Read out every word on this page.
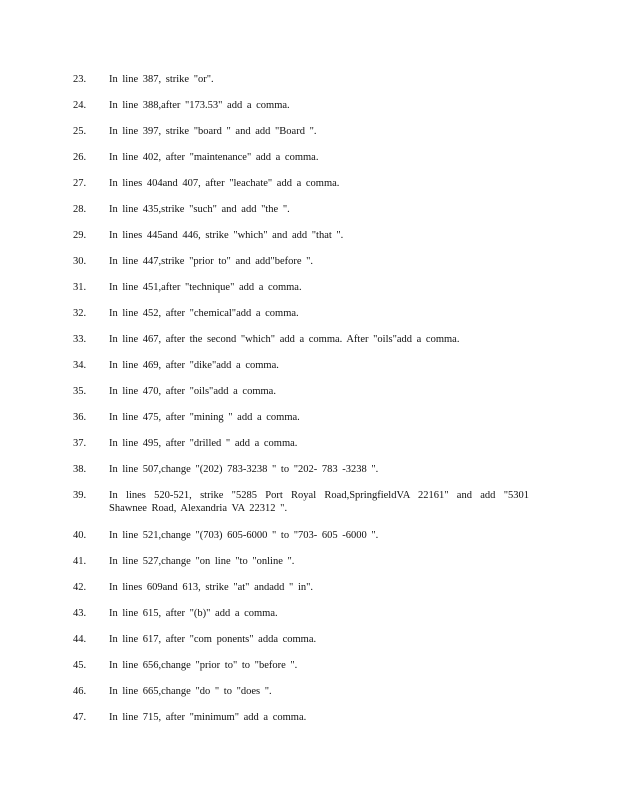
23.	In line 387, strike "or".
24.	In line 388,after "173.53" add a comma.
25.	In line 397, strike "board " and add "Board ".
26.	In line 402, after "maintenance" add a comma.
27.	In lines 404and 407, after "leachate" add a comma.
28.	In line 435,strike "such" and add "the ".
29.	In lines 445and 446, strike "which" and add "that ".
30.	In line 447,strike "prior to" and add"before ".
31.	In line 451,after "technique" add a comma.
32.	In line 452, after "chemical"add a comma.
33.	In line 467, after the second "which" add a comma. After "oils"add a comma.
34.	In line 469, after "dike"add a comma.
35.	In line 470, after "oils"add a comma.
36.	In line 475, after "mining " add a comma.
37.	In line 495, after "drilled " add a comma.
38.	In line 507,change "(202) 783-3238 " to "202- 783 -3238 ".
39.	In lines 520-521, strike "5285 Port Royal Road,SpringfieldVA 22161" and add "5301 Shawnee Road, Alexandria VA 22312 ".
40.	In line 521,change "(703) 605-6000 " to "703- 605 -6000 ".
41.	In line 527,change "on line "to "online ".
42.	In lines 609and 613, strike "at" andadd " in".
43.	In line 615, after "(b)" add a comma.
44.	In line 617, after "com ponents" adda comma.
45.	In line 656,change "prior to" to "before ".
46.	In line 665,change "do " to "does ".
47.	In line 715, after "minimum" add a comma.
